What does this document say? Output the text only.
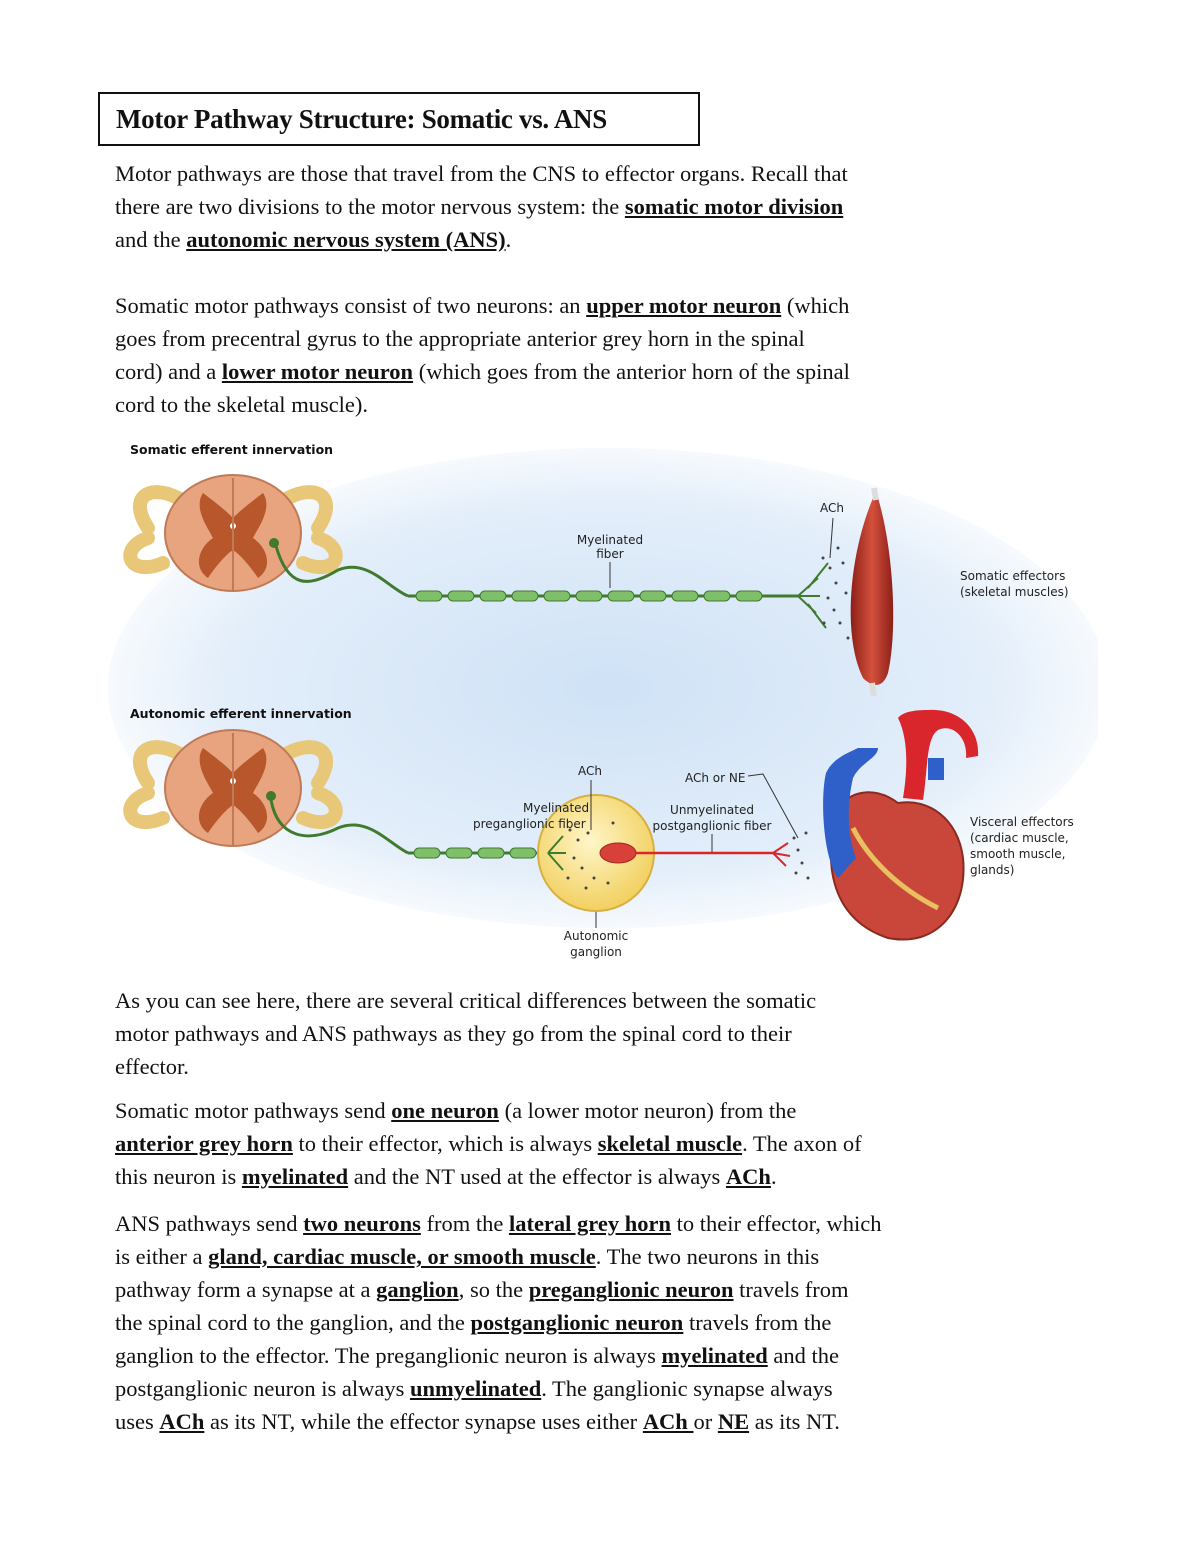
Motor Pathway Structure: Somatic vs. ANS
Motor pathways are those that travel from the CNS to effector organs. Recall that
there are two divisions to the motor nervous system: the somatic motor division
and the autonomic nervous system (ANS).
Somatic motor pathways consist of two neurons: an upper motor neuron (which
goes from precentral gyrus to the appropriate anterior grey horn in the spinal
cord) and a lower motor neuron (which goes from the anterior horn of the spinal
cord to the skeletal muscle).
Somatic efferent innervation
Myelinated
fiber
ACh
Somatic effectors
(skeletal muscles)
Autonomic efferent innervation
Myelinated
preganglionic fiber
ACh	ACh or NE
Unmyelinated
postganglionic fiber
Autonomic
ganglion
Visceral effectors
(cardiac muscle,
smooth muscle,
glands)
As you can see here, there are several critical differences between the somatic
motor pathways and ANS pathways as they go from the spinal cord to their
effector.
Somatic motor pathways send one neuron (a lower motor neuron) from the
anterior grey horn to their effector, which is always skeletal muscle. The axon of
this neuron is myelinated and the NT used at the effector is always ACh.
ANS pathways send two neurons from the lateral grey horn to their effector, which
is either a gland, cardiac muscle, or smooth muscle. The two neurons in this
pathway form a synapse at a ganglion, so the preganglionic neuron travels from
the spinal cord to the ganglion, and the postganglionic neuron travels from the
ganglion to the effector. The preganglionic neuron is always myelinated and the
postganglionic neuron is always unmyelinated. The ganglionic synapse always
uses ACh as its NT, while the effector synapse uses either ACh or NE as its NT.
